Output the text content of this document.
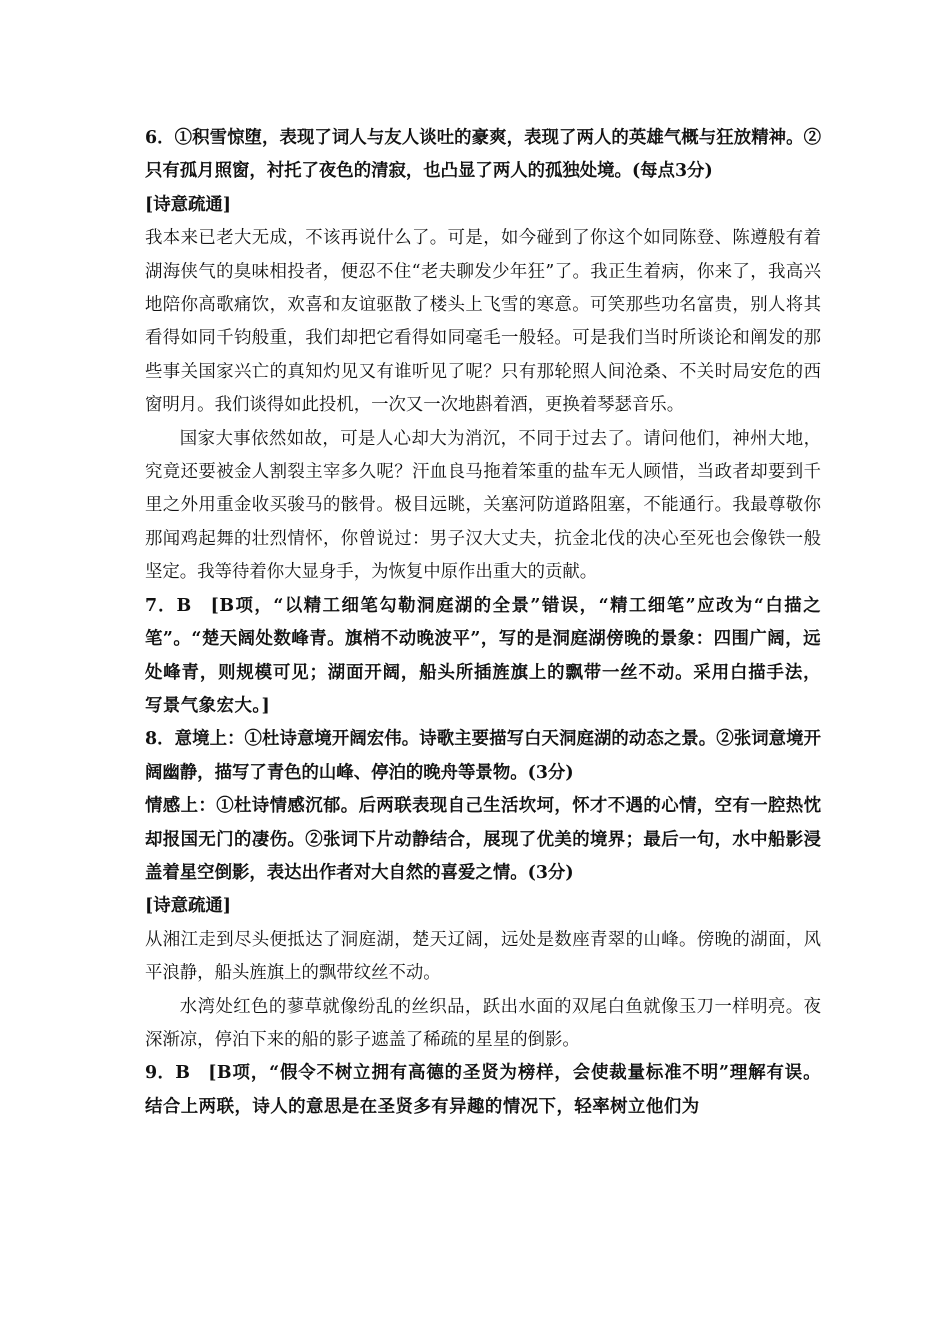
6．①积雪惊堕，表现了词人与友人谈吐的豪爽，表现了两人的英雄气概与狂放精神。②只有孤月照窗，衬托了夜色的清寂，也凸显了两人的孤独处境。(每点3分)

[诗意疏通]

我本来已老大无成，不该再说什么了。可是，如今碰到了你这个如同陈登、陈遵般有着湖海侠气的臭味相投者，便忍不住“老夫聊发少年狂”了。我正生着病，你来了，我高兴地陪你高歌痛饮，欢喜和友谊驱散了楼头上飞雪的寒意。可笑那些功名富贵，别人将其看得如同千钧般重，我们却把它看得如同毫毛一般轻。可是我们当时所谈论和阐发的那些事关国家兴亡的真知灼见又有谁听见了呢？只有那轮照人间沧桑、不关时局安危的西窗明月。我们谈得如此投机，一次又一次地斟着酒，更换着琴瑟音乐。

国家大事依然如故，可是人心却大为消沉，不同于过去了。请问他们，神州大地，究竟还要被金人割裂主宰多久呢？汗血良马拖着笨重的盐车无人顾惜，当政者却要到千里之外用重金收买骏马的骸骨。极目远眺，关塞河防道路阻塞，不能通行。我最尊敬你那闻鸡起舞的壮烈情怀，你曾说过：男子汉大丈夫，抗金北伐的决心至死也会像铁一般坚定。我等待着你大显身手，为恢复中原作出重大的贡献。

7．B　 [B项，“以精工细笔勾勒洞庭湖的全景”错误，“精工细笔”应改为“白描之笔”。“楚天阔处数峰青。旗梢不动晚波平”，写的是洞庭湖傍晚的景象：四围广阔，远处峰青，则规模可见；湖面开阔，船头所插旌旗上的飘带一丝不动。采用白描手法，写景气象宏大。]

8．意境上：①杜诗意境开阔宏伟。诗歌主要描写白天洞庭湖的动态之景。②张词意境开阔幽静，描写了青色的山峰、停泊的晚舟等景物。(3分)

情感上：①杜诗情感沉郁。后两联表现自己生活坎坷，怀才不遇的心情，空有一腔热忱却报国无门的凄伤。②张词下片动静结合，展现了优美的境界；最后一句，水中船影浸盖着星空倒影，表达出作者对大自然的喜爱之情。(3分)

[诗意疏通]

从湘江走到尽头便抵达了洞庭湖，楚天辽阔，远处是数座青翠的山峰。傍晚的湖面，风平浪静，船头旌旗上的飘带纹丝不动。

水湾处红色的蓼草就像纷乱的丝织品，跃出水面的双尾白鱼就像玉刀一样明亮。夜深渐凉，停泊下来的船的影子遮盖了稀疏的星星的倒影。

9．B　 [B项，“假令不树立拥有高德的圣贤为榜样，会使裁量标准不明”理解有误。结合上两联，诗人的意思是在圣贤多有异趣的情况下，轻率树立他们为
